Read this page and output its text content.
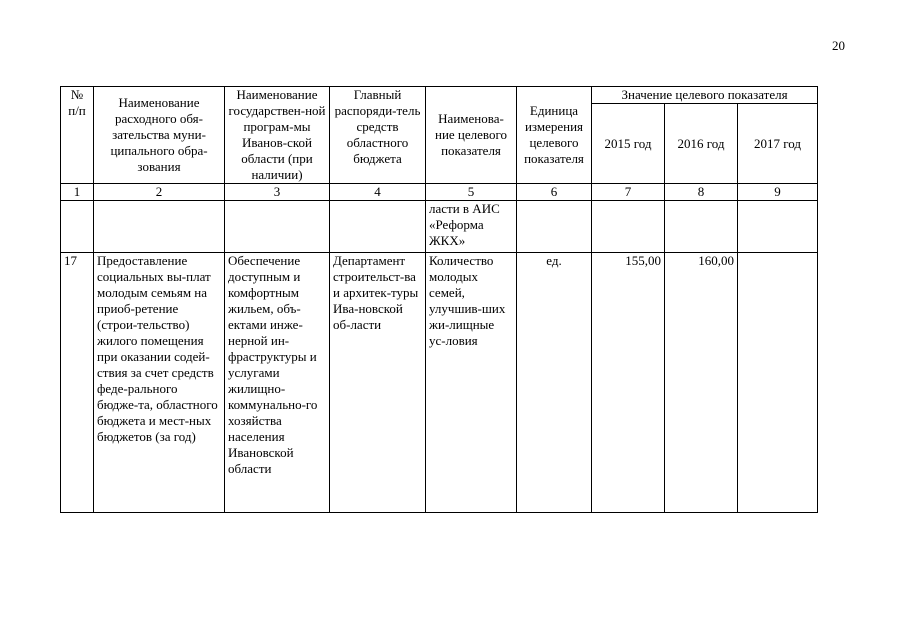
20
№ п/п	Наименование расходного обя-зательства муни-ципального обра-зования	Наименование государствен-ной програм-мы Иванов-ской области (при наличии)	Главный распоряди-тель средств областного бюджета	Наименова-ние целевого показателя	Единица измерения целевого показателя	Значение целевого показателя		
						2015 год	2016 год	2017 год
1	2	3	4	5	6	7	8	9
				ласти в АИС «Реформа ЖКХ»				
17	Предоставление социальных вы-плат молодым семьям на приоб-ретение (строи-тельство) жилого помещения при оказании содей-ствия за счет средств феде-рального бюдже-та, областного бюджета и мест-ных бюджетов (за год)	Обеспечение доступным и комфортным жильем, объ-ектами инже-нерной ин-фраструктуры и услугами жилищно-коммунально-го хозяйства населения Ивановской области	Департамент строительст-ва и архитек-туры Ива-новской об-ласти	Количество молодых семей, улучшив-ших жи-лищные ус-ловия	ед.	155,00	160,00	
